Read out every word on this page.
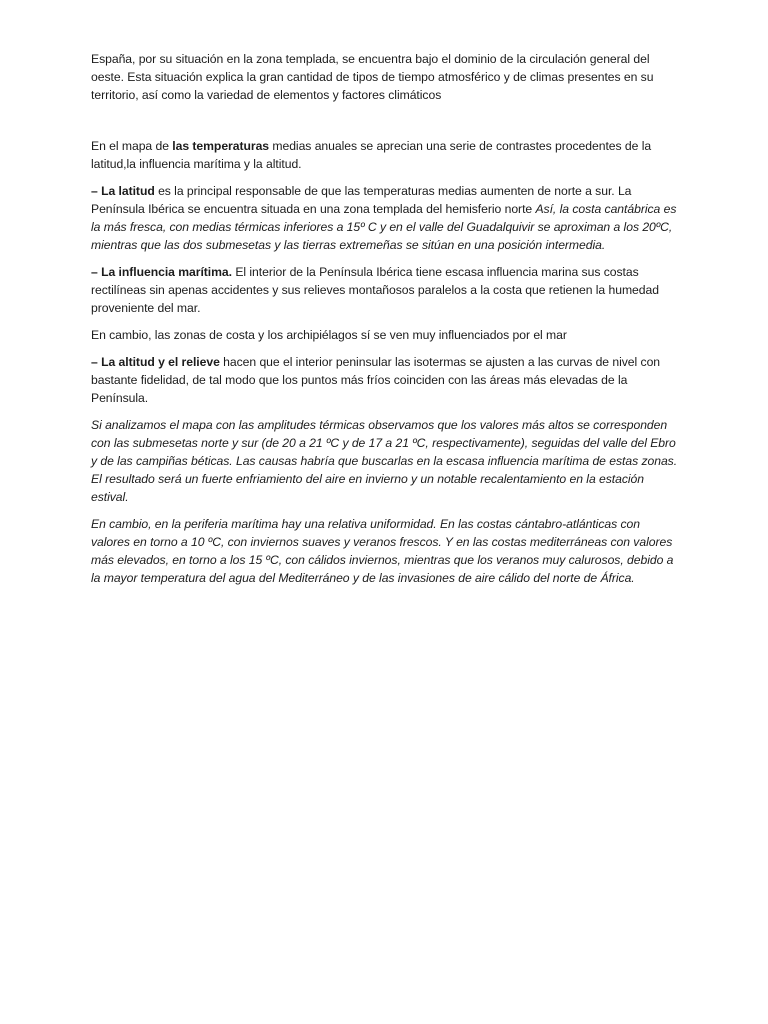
España, por su situación en la zona templada, se encuentra bajo el dominio de la circulación general del oeste. Esta situación explica la gran cantidad de tipos de tiempo atmosférico y de climas presentes en su territorio, así como la variedad de elementos y factores climáticos

En el mapa de las temperaturas medias anuales se aprecian una serie de contrastes procedentes de la latitud,la influencia marítima y la altitud.

– La latitud es la principal responsable de que las temperaturas medias aumenten de norte a sur. La Península Ibérica se encuentra situada en una zona templada del hemisferio norte Así, la costa cantábrica es la más fresca, con medias térmicas inferiores a 15º C y en el valle del Guadalquivir se aproximan a los 20ºC, mientras que las dos submesetas y las tierras extremeñas se sitúan en una posición intermedia.

– La influencia marítima. El interior de la Península Ibérica tiene escasa influencia marina sus costas rectilíneas sin apenas accidentes y sus relieves montañosos paralelos a la costa que retienen la humedad proveniente del mar.

En cambio, las zonas de costa y los archipiélagos sí se ven muy influenciados por el mar

– La altitud y el relieve hacen que el interior peninsular las isotermas se ajusten a las curvas de nivel con bastante fidelidad, de tal modo que los puntos más fríos coinciden con las áreas más elevadas de la Península.

Si analizamos el mapa con las amplitudes térmicas observamos que los valores más altos se corresponden con las submesetas norte y sur (de 20 a 21 ºC y de 17 a 21 ºC, respectivamente), seguidas del valle del Ebro y de las campiñas béticas. Las causas habría que buscarlas en la escasa influencia marítima de estas zonas. El resultado será un fuerte enfriamiento del aire en invierno y un notable recalentamiento en la estación estival.

En cambio, en la periferia marítima hay una relativa uniformidad. En las costas cántabro-atlánticas con valores en torno a 10 ºC, con inviernos suaves y veranos frescos. Y en las costas mediterráneas con valores más elevados, en torno a los 15 ºC, con cálidos inviernos, mientras que los veranos muy calurosos, debido a la mayor temperatura del agua del Mediterráneo y de las invasiones de aire cálido del norte de África.
